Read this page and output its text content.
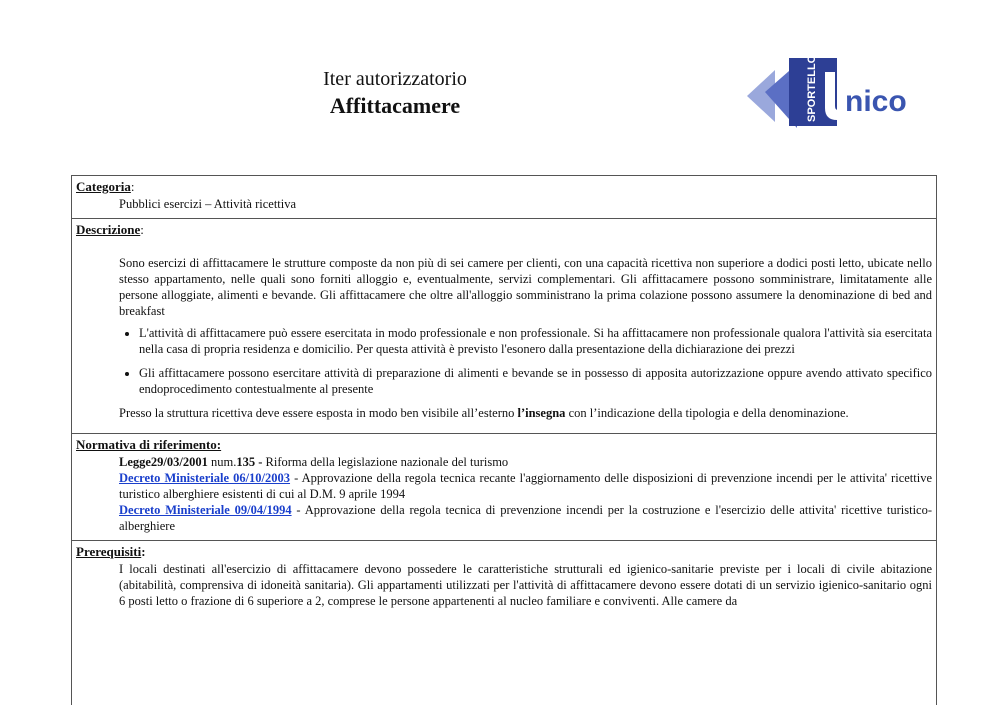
Iter autorizzatorio
Affittacamere	SPORTELLO nico
Categoria:
Pubblici esercizi – Attività ricettiva
Descrizione:

Sono esercizi di affittacamere le strutture composte da non più di sei camere per clienti, con una capacità ricettiva non superiore a dodici posti letto, ubicate nello stesso appartamento, nelle quali sono forniti alloggio e, eventualmente, servizi complementari. Gli affittacamere possono somministrare, limitatamente alle persone alloggiate, alimenti e bevande. Gli affittacamere che oltre all'alloggio somministrano la prima colazione possono assumere la denominazione di bed and breakfast

• L'attività di affittacamere può essere esercitata in modo professionale e non professionale. Si ha affittacamere non professionale qualora l'attività sia esercitata nella casa di propria residenza e domicilio. Per questa attività è previsto l'esonero dalla presentazione della dichiarazione dei prezzi
• Gli affittacamere possono esercitare attività di preparazione di alimenti e bevande se in possesso di apposita autorizzazione oppure avendo attivato specifico endoprocedimento contestualmente al presente

Presso la struttura ricettiva deve essere esposta in modo ben visibile all’esterno l’insegna con l’indicazione della tipologia e della denominazione.

Normativa di riferimento:

Legge29/03/2001 num.135 - Riforma della legislazione nazionale del turismo

Decreto Ministeriale 06/10/2003 - Approvazione della regola tecnica recante l'aggiornamento delle disposizioni di prevenzione incendi per le attivita' ricettive turistico alberghiere esistenti di cui al D.M. 9 aprile 1994

Decreto Ministeriale 09/04/1994 - Approvazione della regola tecnica di prevenzione incendi per la costruzione e l'esercizio delle attivita' ricettive turistico-alberghiere

Prerequisiti:
I locali destinati all'esercizio di affittacamere devono possedere le caratteristiche strutturali ed igienico-sanitarie previste per i locali di civile abitazione (abitabilità, comprensiva di idoneità sanitaria). Gli appartamenti utilizzati per l'attività di affittacamere devono essere dotati di un servizio igienico-sanitario ogni 6 posti letto o frazione di 6 superiore a 2, comprese le persone appartenenti al nucleo familiare e conviventi. Alle camere da
